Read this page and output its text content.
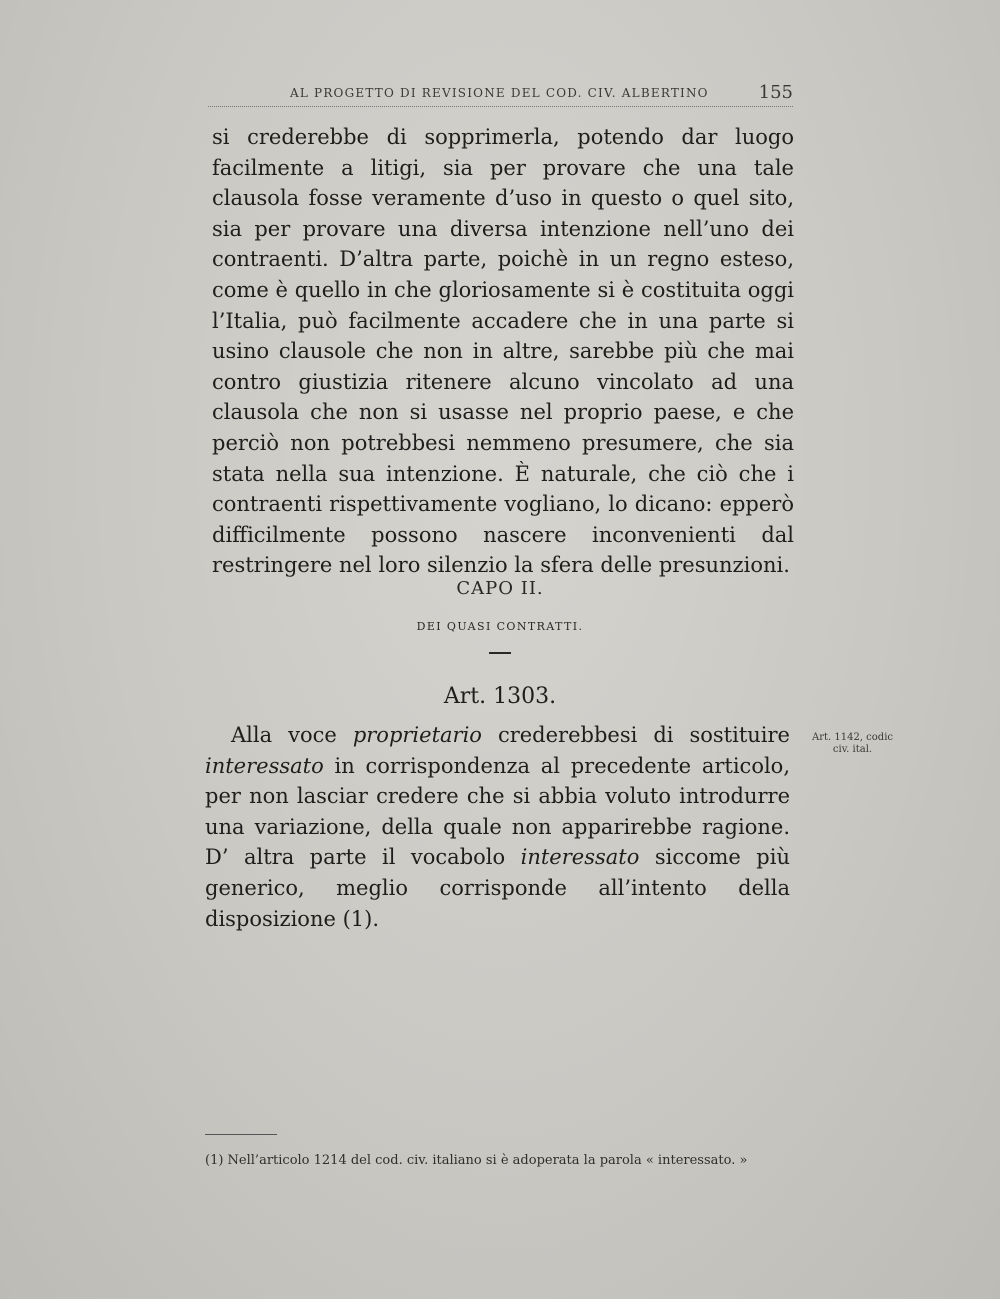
AL PROGETTO DI REVISIONE DEL COD. CIV. ALBERTINO	155

si crederebbe di sopprimerla, potendo dar luogo facilmente a litigi, sia per provare che una tale clausola fosse veramente d’uso in questo o quel sito, sia per provare una diversa intenzione nell’uno dei contraenti. D’altra parte, poichè in un regno esteso, come è quello in che gloriosamente si è costituita oggi l’Italia, può facilmente accadere che in una parte si usino clausole che non in altre, sarebbe più che mai contro giustizia ritenere alcuno vincolato ad una clausola che non si usasse nel proprio paese, e che perciò non potrebbesi nemmeno presumere, che sia stata nella sua intenzione. È naturale, che ciò che i contraenti rispettivamente vogliano, lo dicano: epperò difficilmente possono nascere inconvenienti dal restringere nel loro silenzio la sfera delle presunzioni.

CAPO II.
DEI QUASI CONTRATTI.
Art. 1303.

Alla voce proprietario crederebbesi di sostituire interessato in corrispondenza al precedente articolo, per non lasciar credere che si abbia voluto introdurre una variazione, della quale non apparirebbe ragione. D’ altra parte il vocabolo interessato siccome più generico, meglio corrisponde all’intento della disposizione (1).

Art. 1142, codic
civ. ital.

(1) Nell’articolo 1214 del cod. civ. italiano si è adoperata la parola « interessato. »
